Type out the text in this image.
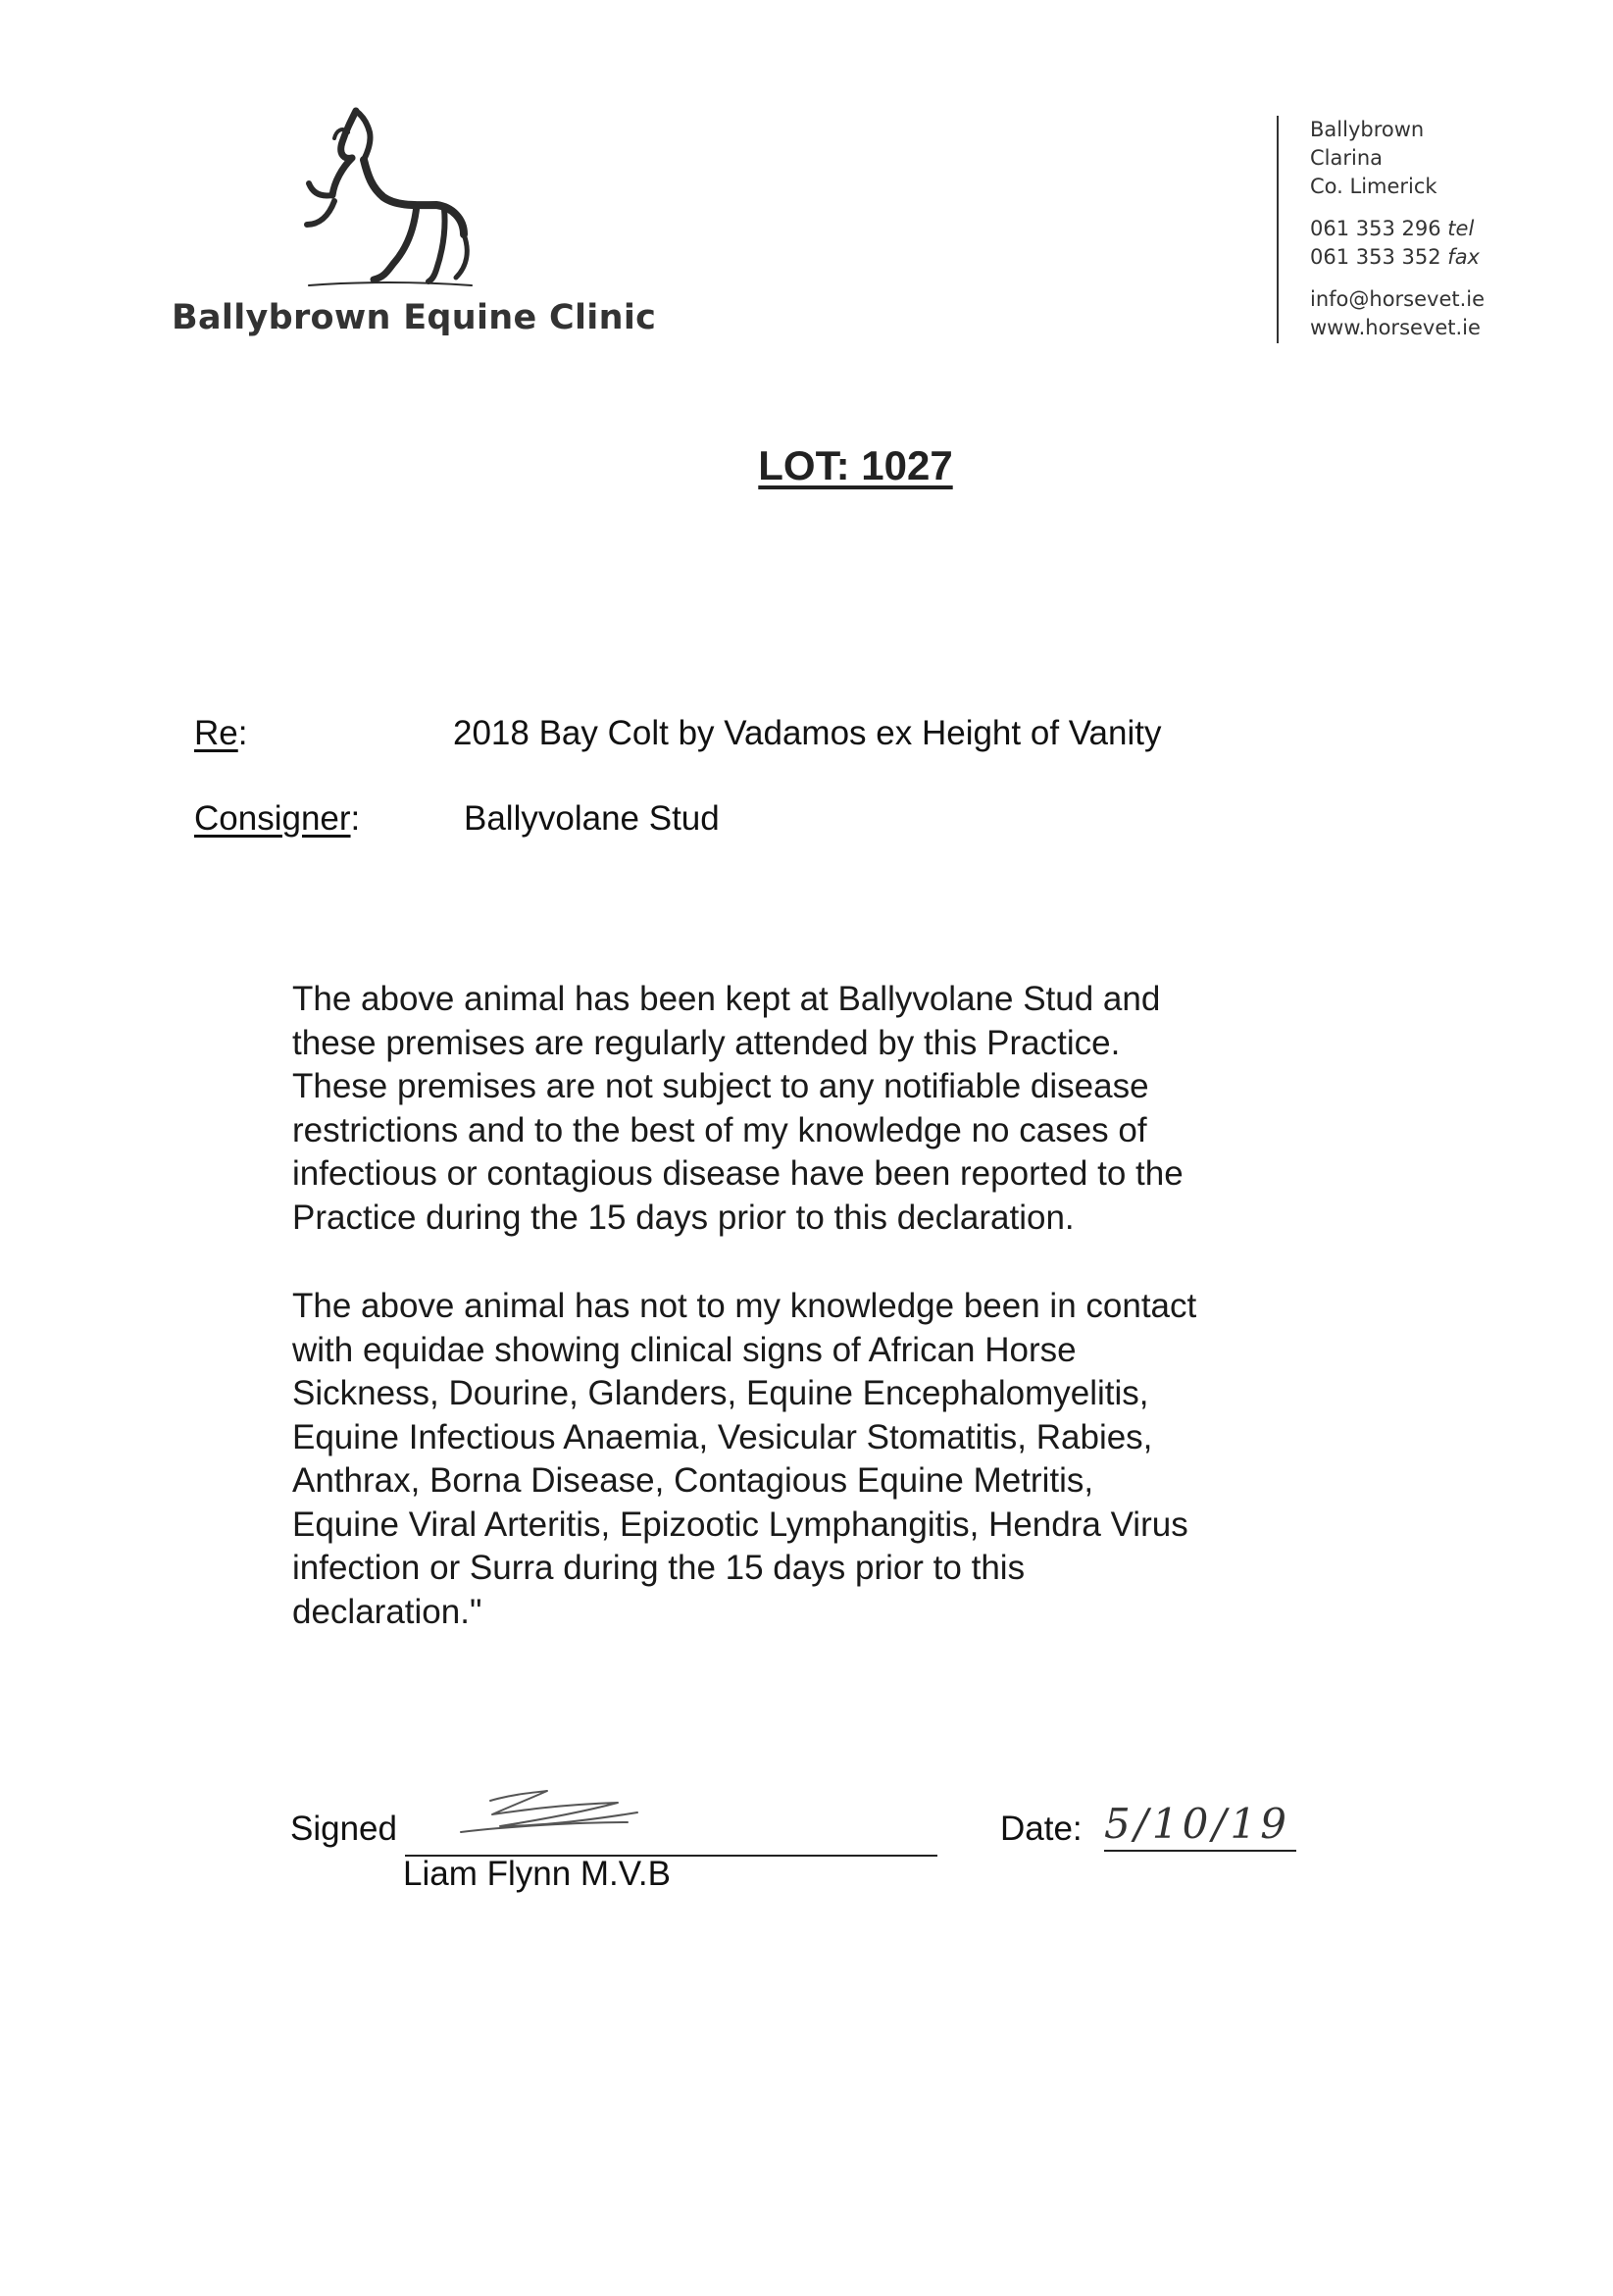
Ballybrown Equine Clinic
Ballybrown
Clarina
Co. Limerick
061 353 296 tel
061 353 352 fax
info@horsevet.ie
www.horsevet.ie
LOT: 1027
Re:	2018 Bay Colt by Vadamos ex Height of Vanity
Consigner:	Ballyvolane Stud
The above animal has been kept at Ballyvolane Stud and
these premises are regularly attended by this Practice.
These premises are not subject to any notifiable disease
restrictions and to the best of my knowledge no cases of
infectious or contagious disease have been reported to the
Practice during the 15 days prior to this declaration.
The above animal has not to my knowledge been in contact
with equidae showing clinical signs of African Horse
Sickness, Dourine, Glanders, Equine Encephalomyelitis,
Equine Infectious Anaemia, Vesicular Stomatitis, Rabies,
Anthrax, Borna Disease, Contagious Equine Metritis,
Equine Viral Arteritis, Epizootic Lymphangitis, Hendra Virus
infection or Surra during the 15 days prior to this
declaration."
Signed
Liam Flynn M.V.B
Date: 5/10/19
